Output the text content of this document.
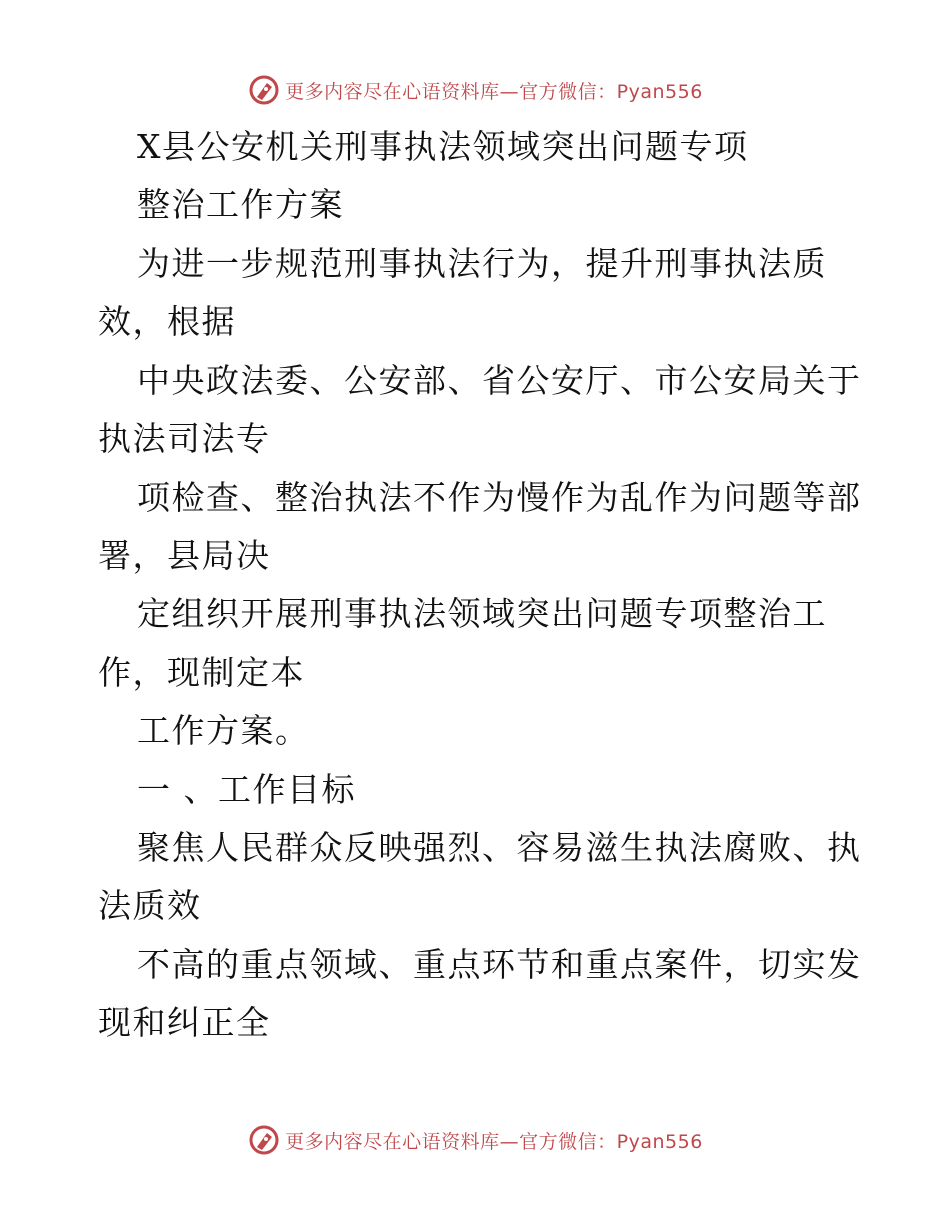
更多内容尽在心语资料库—官方微信：Pyan556
X县公安机关刑事执法领域突出问题专项
整治工作方案
为进一步规范刑事执法行为，提升刑事执法质
效，根据
中央政法委、公安部、省公安厅、市公安局关于
执法司法专
项检查、整治执法不作为慢作为乱作为问题等部
署，县局决
定组织开展刑事执法领域突出问题专项整治工
作，现制定本
工作方案。
一 、工作目标
聚焦人民群众反映强烈、容易滋生执法腐败、执
法质效
不高的重点领域、重点环节和重点案件，切实发
现和纠正全
更多内容尽在心语资料库—官方微信：Pyan556
